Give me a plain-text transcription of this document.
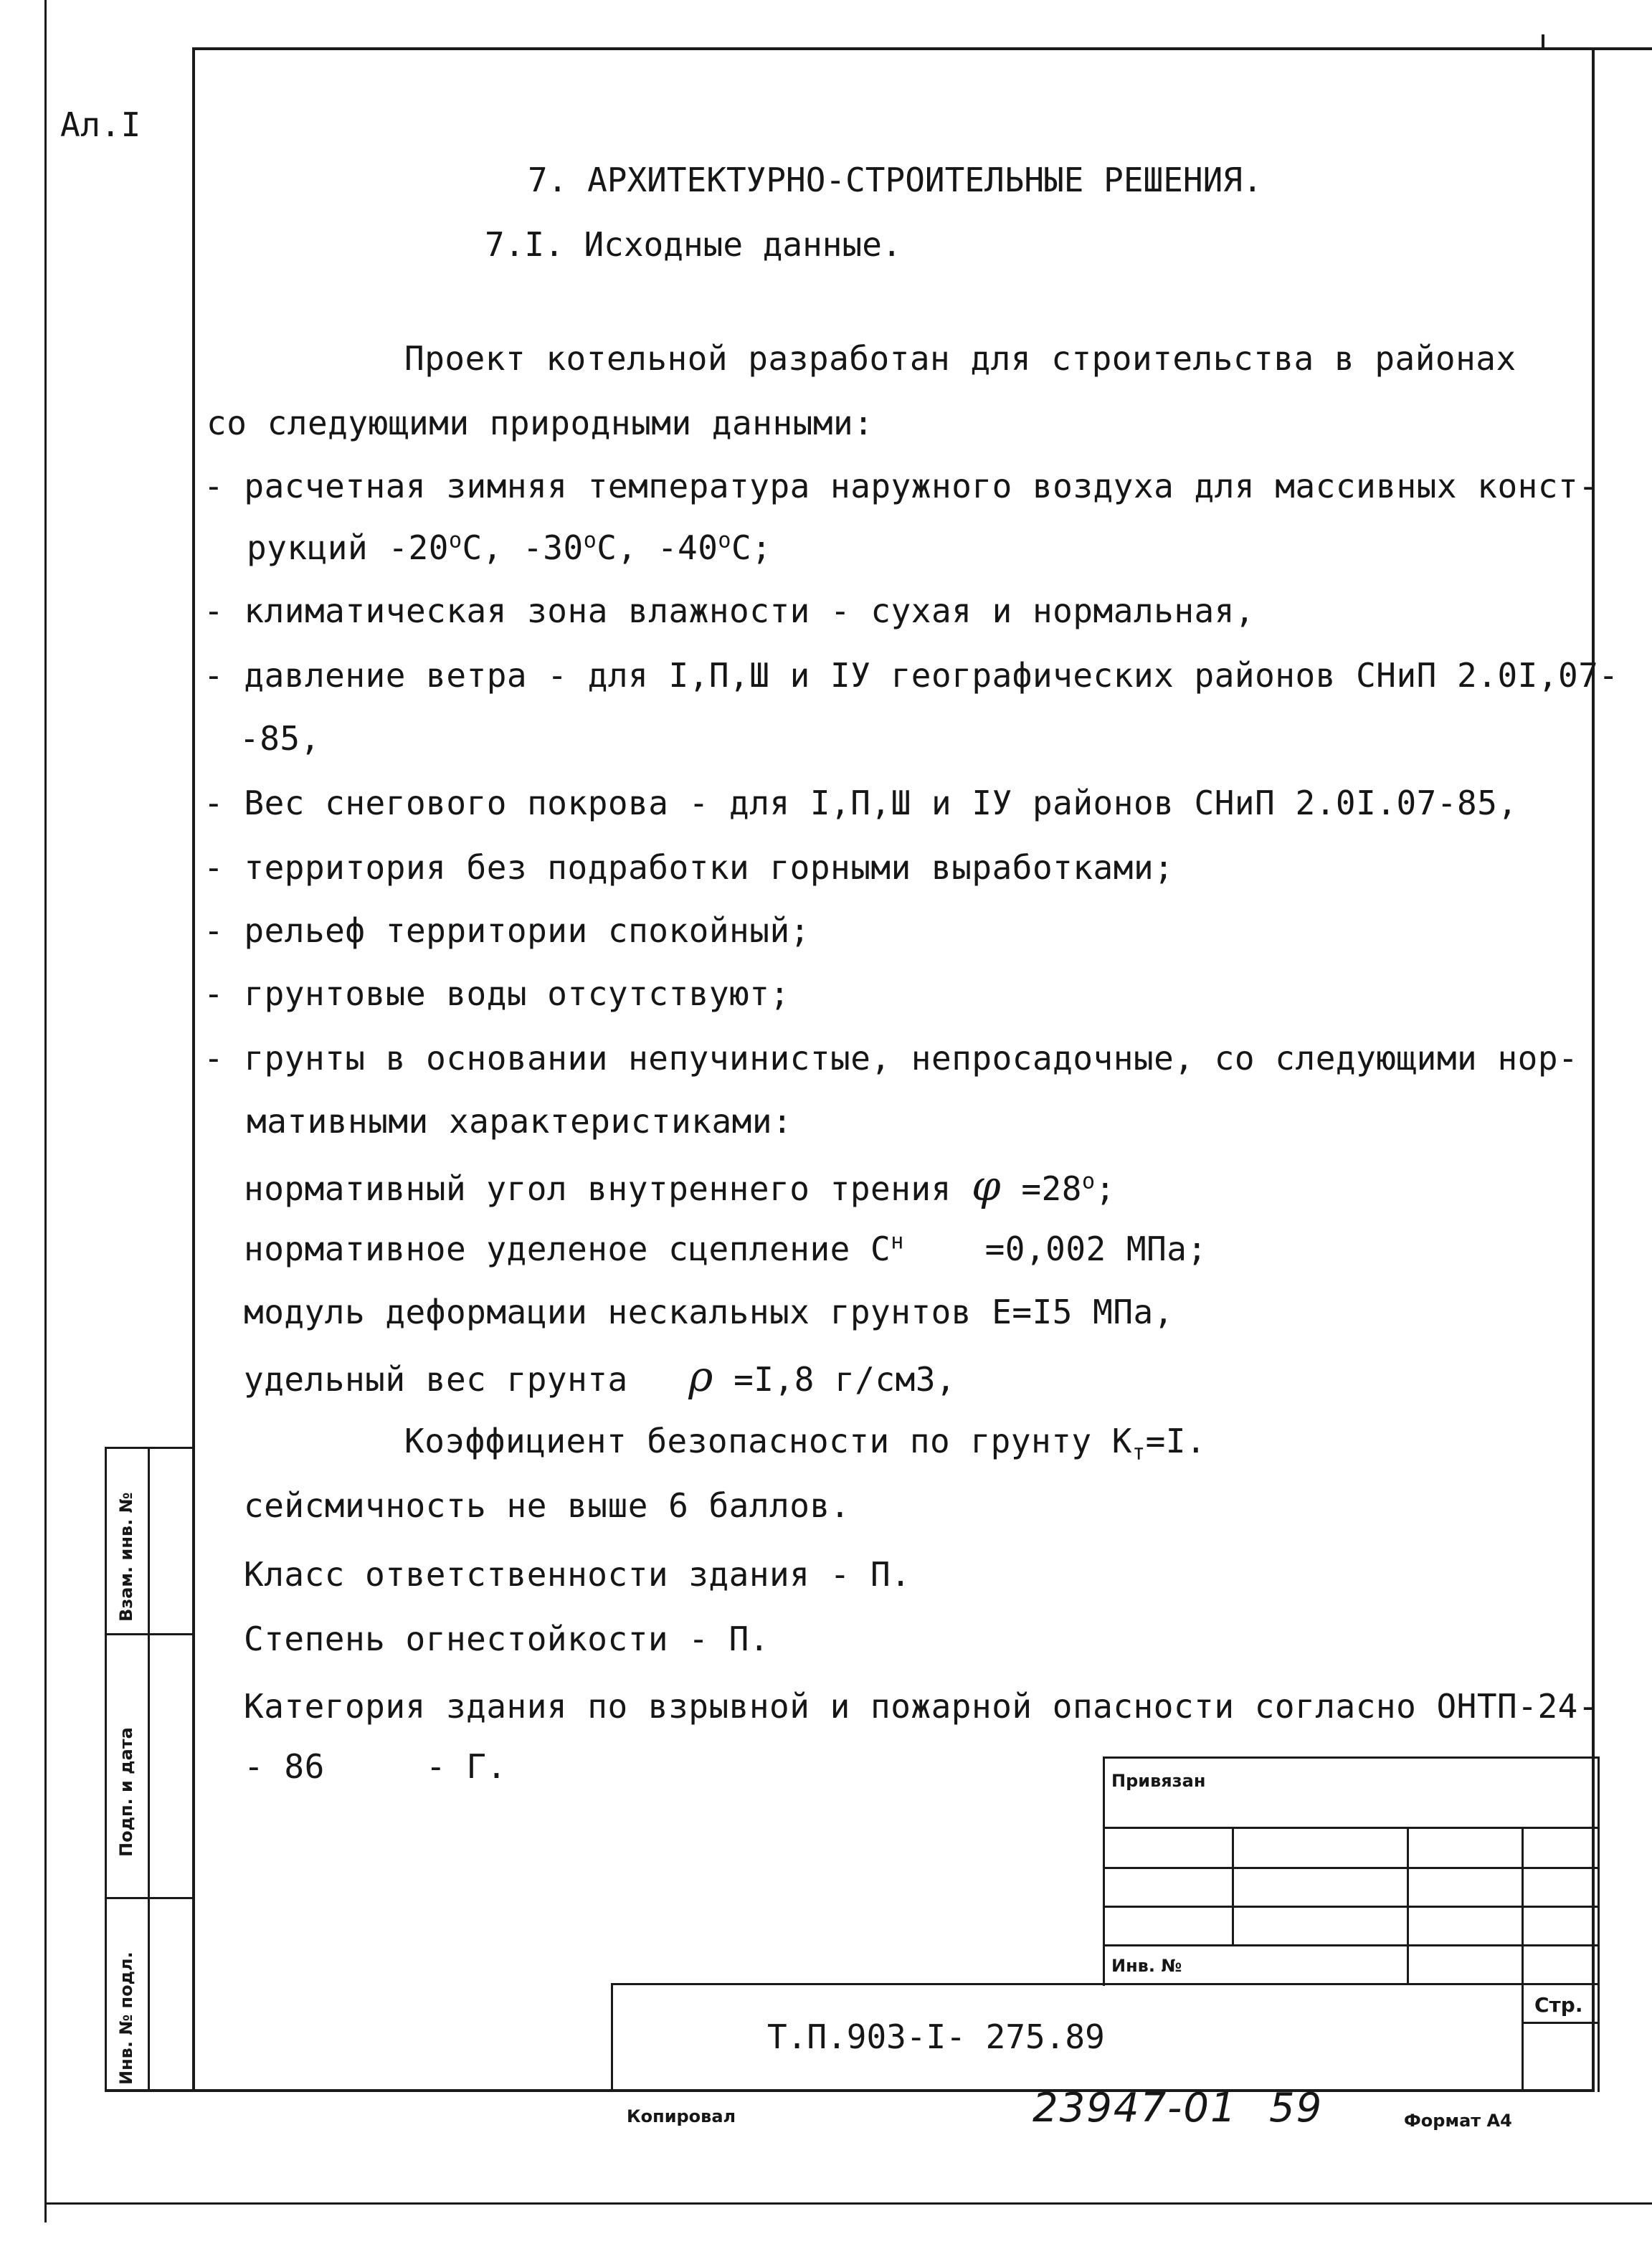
Взам. инв. №
Подп. и дата
Инв. № подл.
Ал.I
7. АРХИТЕКТУРНО-СТРОИТЕЛЬНЫЕ РЕШЕНИЯ.
7.I. Исходные данные.
Проект котельной разработан для строительства в районах
со следующими природными данными:
- расчетная зимняя температура наружного воздуха для массивных конст-
рукций $-20^оС$, $-30^оС$, $-40^оС$;
- климатическая зона влажности - сухая и нормальная,
- давление ветра - для I,П,Ш и IУ географических районов СНиП 2.0I,07-
-85,
- Вес снегового покрова - для I,П,Ш и IУ районов СНиП 2.0I.07-85,
- территория без подработки горными выработками;
- рельеф территории спокойный;
- грунтовые воды отсутствуют;
- грунты в основании непучинистые, непросадочные, со следующими нор-
мативными характеристиками:
нормативный угол внутреннего трения $\varphi =28^о$;
нормативное уделеное сцепление $С^н =0,002$ МПа;
модуль деформации нескальных грунтов Е=I5 МПа,
удельный вес грунта ρ =I,8 г/см3,
Коэффициент безопасности по грунту $К_т=I$.
сейсмичность не выше 6 баллов.
Класс ответственности здания - П.
Степень огнестойкости - П.
Категория здания по взрывной и пожарной опасности согласно ОНТП-24-
- 86	- Г.	Привязан
Инв. №
Т.П.903-I- 275.89
Стр.
Копировал	23947-01 59	Формат А4
